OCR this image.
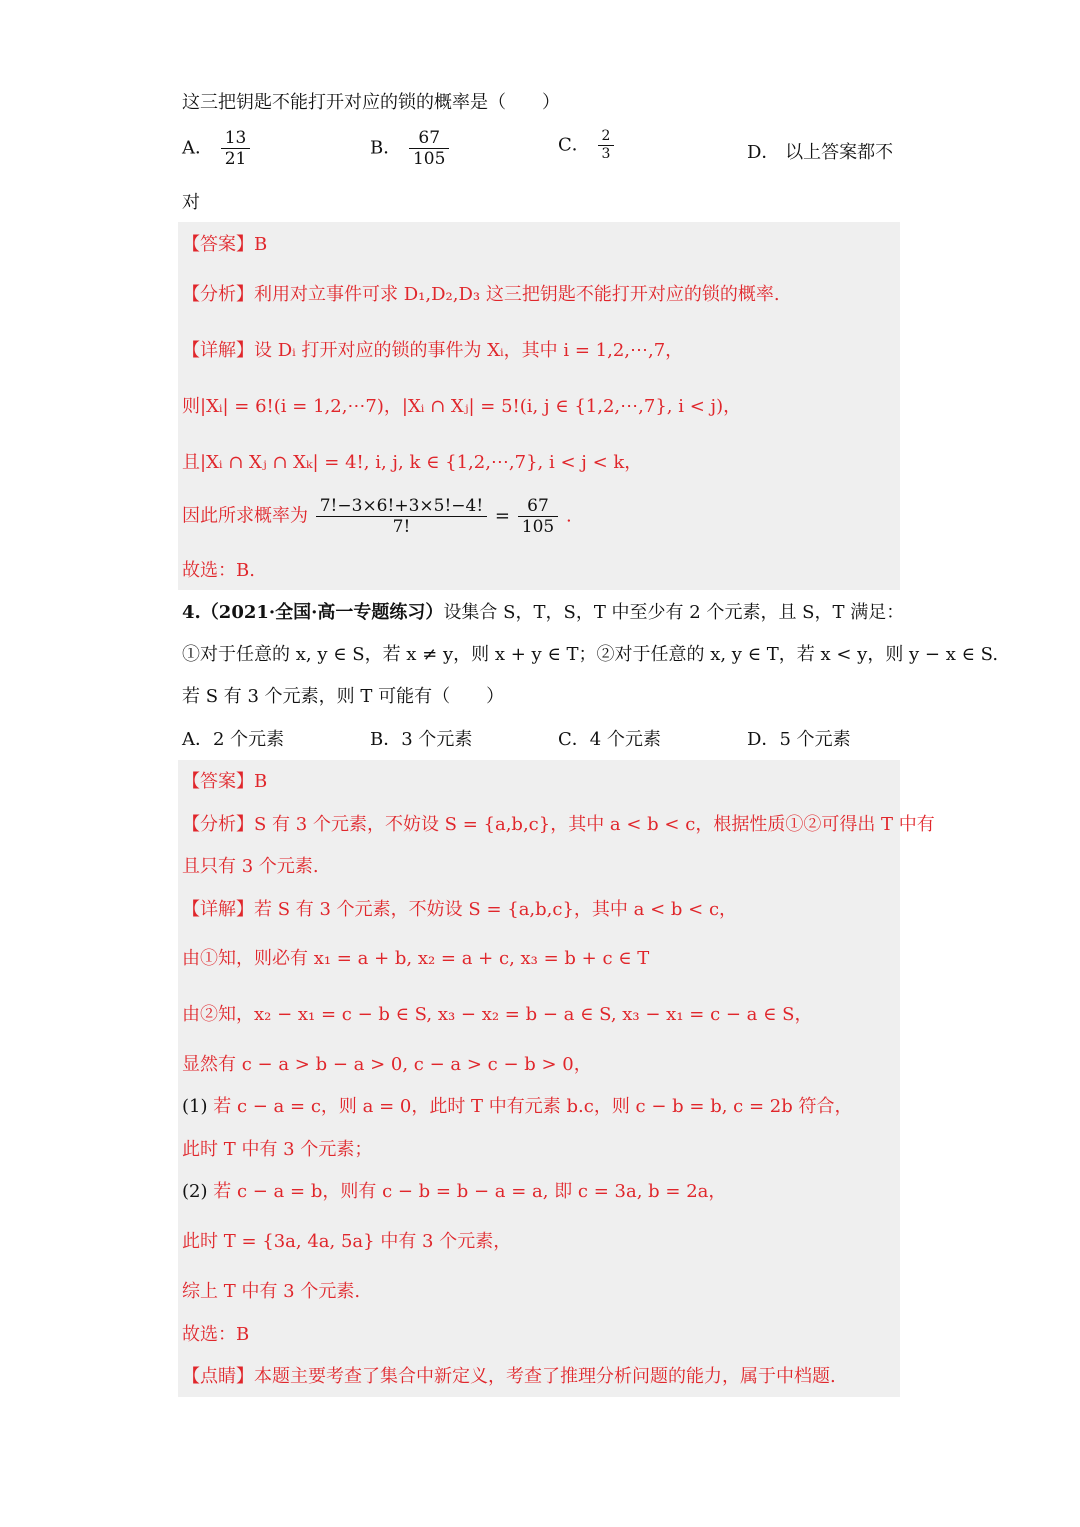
这三把钥匙不能打开对应的锁的概率是（　　）
A． $\frac{13}{21}$	B． $\frac{67}{105}$	C． $\frac{2}{3}$	D． 以上答案都不
对
【答案】B
【分析】利用对立事件可求 D₁,D₂,D₃ 这三把钥匙不能打开对应的锁的概率.
【详解】设 Dᵢ 打开对应的锁的事件为 Xᵢ，其中 i = 1,2,⋯,7，
则|Xᵢ| = 6!(i = 1,2,⋯7)，|Xᵢ ∩ Xⱼ| = 5!(i, j ∈ {1,2,⋯,7}, i < j)，
且|Xᵢ ∩ Xⱼ ∩ Xₖ| = 4!, i, j, k ∈ {1,2,⋯,7}, i < j < k，
因此所求概率为 $\frac{7!-3\times 6!+3\times 5!-4!}{7!} = \frac{67}{105}$ .
故选：B.
4.（2021·全国·高一专题练习）设集合 S，T，S，T 中至少有 2 个元素，且 S，T 满足：
①对于任意的 x, y ∈ S，若 x ≠ y，则 x + y ∈ T；②对于任意的 x, y ∈ T，若 x < y，则 y − x ∈ S.
若 S 有 3 个元素，则 T 可能有（　　）
A．2 个元素	B．3 个元素	C．4 个元素	D．5 个元素
【答案】B
【分析】S 有 3 个元素，不妨设 S = {a,b,c}，其中 a < b < c，根据性质①②可得出 T 中有
且只有 3 个元素.
【详解】若 S 有 3 个元素，不妨设 S = {a,b,c}，其中 a < b < c，
由①知，则必有 x₁ = a + b, x₂ = a + c, x₃ = b + c ∈ T
由②知，x₂ − x₁ = c − b ∈ S, x₃ − x₂ = b − a ∈ S, x₃ − x₁ = c − a ∈ S，
显然有 c − a > b − a > 0, c − a > c − b > 0，
(1) 若 c − a = c，则 a = 0，此时 T 中有元素 b.c，则 c − b = b, c = 2b 符合，
此时 T 中有 3 个元素；
(2) 若 c − a = b，则有 c − b = b − a = a, 即 c = 3a, b = 2a，
此时 T = {3a, 4a, 5a} 中有 3 个元素，
综上 T 中有 3 个元素.
故选：B
【点睛】本题主要考查了集合中新定义，考查了推理分析问题的能力，属于中档题.
